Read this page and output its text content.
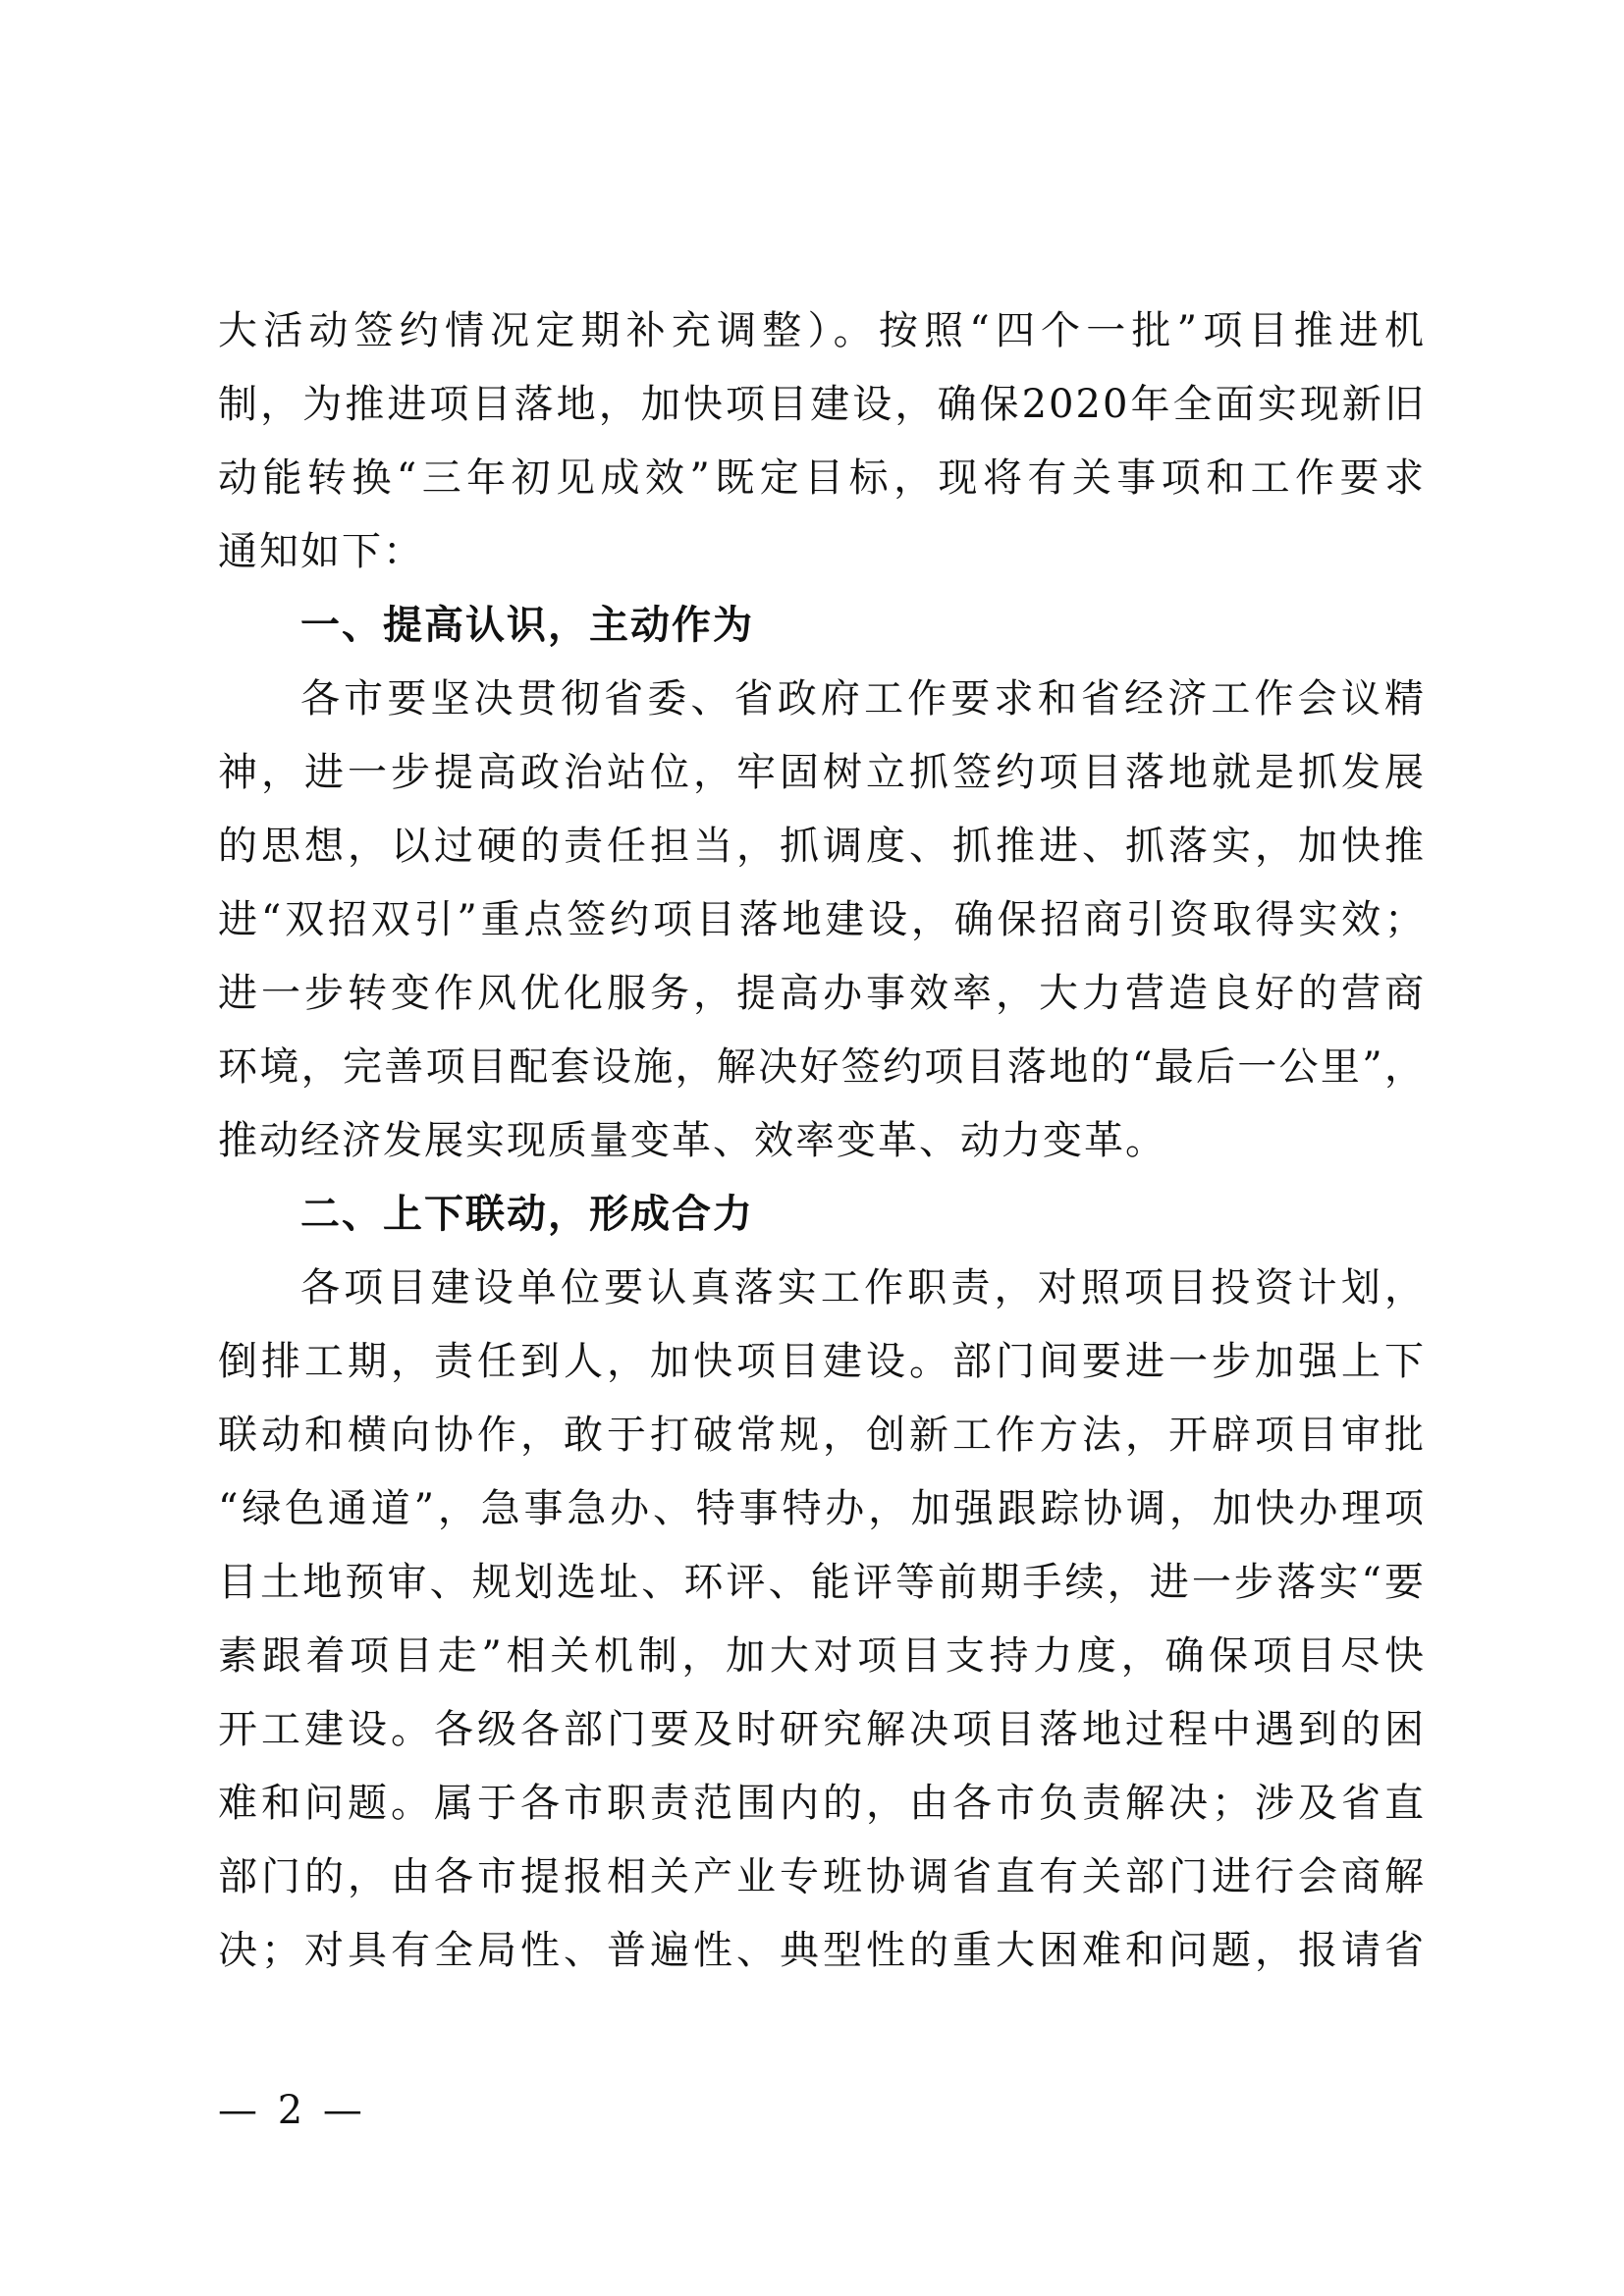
大活动签约情况定期补充调整）。按照“四个一批”项目推进机
制，为推进项目落地，加快项目建设，确保2020年全面实现新旧
动能转换“三年初见成效”既定目标，现将有关事项和工作要求
通知如下：
一、提高认识，主动作为
各市要坚决贯彻省委、省政府工作要求和省经济工作会议精
神，进一步提高政治站位，牢固树立抓签约项目落地就是抓发展
的思想，以过硬的责任担当，抓调度、抓推进、抓落实，加快推
进“双招双引”重点签约项目落地建设，确保招商引资取得实效；
进一步转变作风优化服务，提高办事效率，大力营造良好的营商
环境，完善项目配套设施，解决好签约项目落地的“最后一公里”，
推动经济发展实现质量变革、效率变革、动力变革。
二、上下联动，形成合力
各项目建设单位要认真落实工作职责，对照项目投资计划，
倒排工期，责任到人，加快项目建设。部门间要进一步加强上下
联动和横向协作，敢于打破常规，创新工作方法，开辟项目审批
“绿色通道”，急事急办、特事特办，加强跟踪协调，加快办理项
目土地预审、规划选址、环评、能评等前期手续，进一步落实“要
素跟着项目走”相关机制，加大对项目支持力度，确保项目尽快
开工建设。各级各部门要及时研究解决项目落地过程中遇到的困
难和问题。属于各市职责范围内的，由各市负责解决；涉及省直
部门的，由各市提报相关产业专班协调省直有关部门进行会商解
决；对具有全局性、普遍性、典型性的重大困难和问题，报请省
— 2 —
